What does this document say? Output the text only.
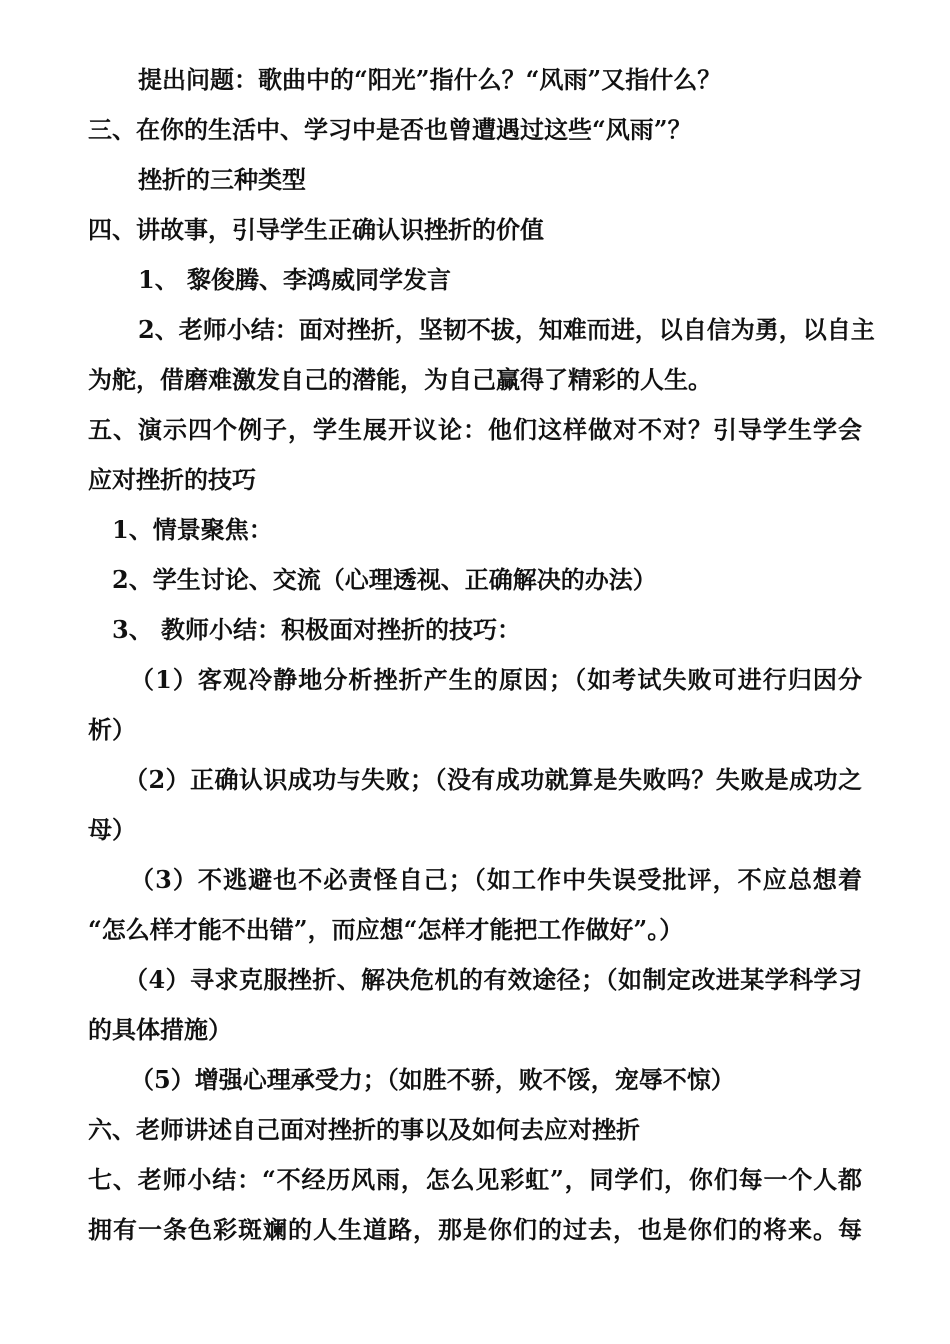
提出问题：歌曲中的“阳光”指什么？“风雨”又指什么？
三、在你的生活中、学习中是否也曾遭遇过这些“风雨”？
挫折的三种类型
四、讲故事，引导学生正确认识挫折的价值
1、 黎俊腾、李鸿威同学发言
2、老师小结：面对挫折，坚韧不拔，知难而进，以自信为勇，以自主
为舵，借磨难激发自己的潜能，为自己赢得了精彩的人生。
五、演示四个例子，学生展开议论：他们这样做对不对？引导学生学会
应对挫折的技巧
1、情景聚焦：
2、学生讨论、交流（心理透视、正确解决的办法）
3、 教师小结：积极面对挫折的技巧：
（1）客观冷静地分析挫折产生的原因；（如考试失败可进行归因分
析）
（2）正确认识成功与失败；（没有成功就算是失败吗？失败是成功之
母）
（3）不逃避也不必责怪自己；（如工作中失误受批评，不应总想着
“怎么样才能不出错”，而应想“怎样才能把工作做好”。）
（4）寻求克服挫折、解决危机的有效途径；（如制定改进某学科学习
的具体措施）
（5）增强心理承受力；（如胜不骄，败不馁，宠辱不惊）
六、老师讲述自己面对挫折的事以及如何去应对挫折
七、老师小结：“不经历风雨，怎么见彩虹”，同学们，你们每一个人都
拥有一条色彩斑斓的人生道路，那是你们的过去，也是你们的将来。每
